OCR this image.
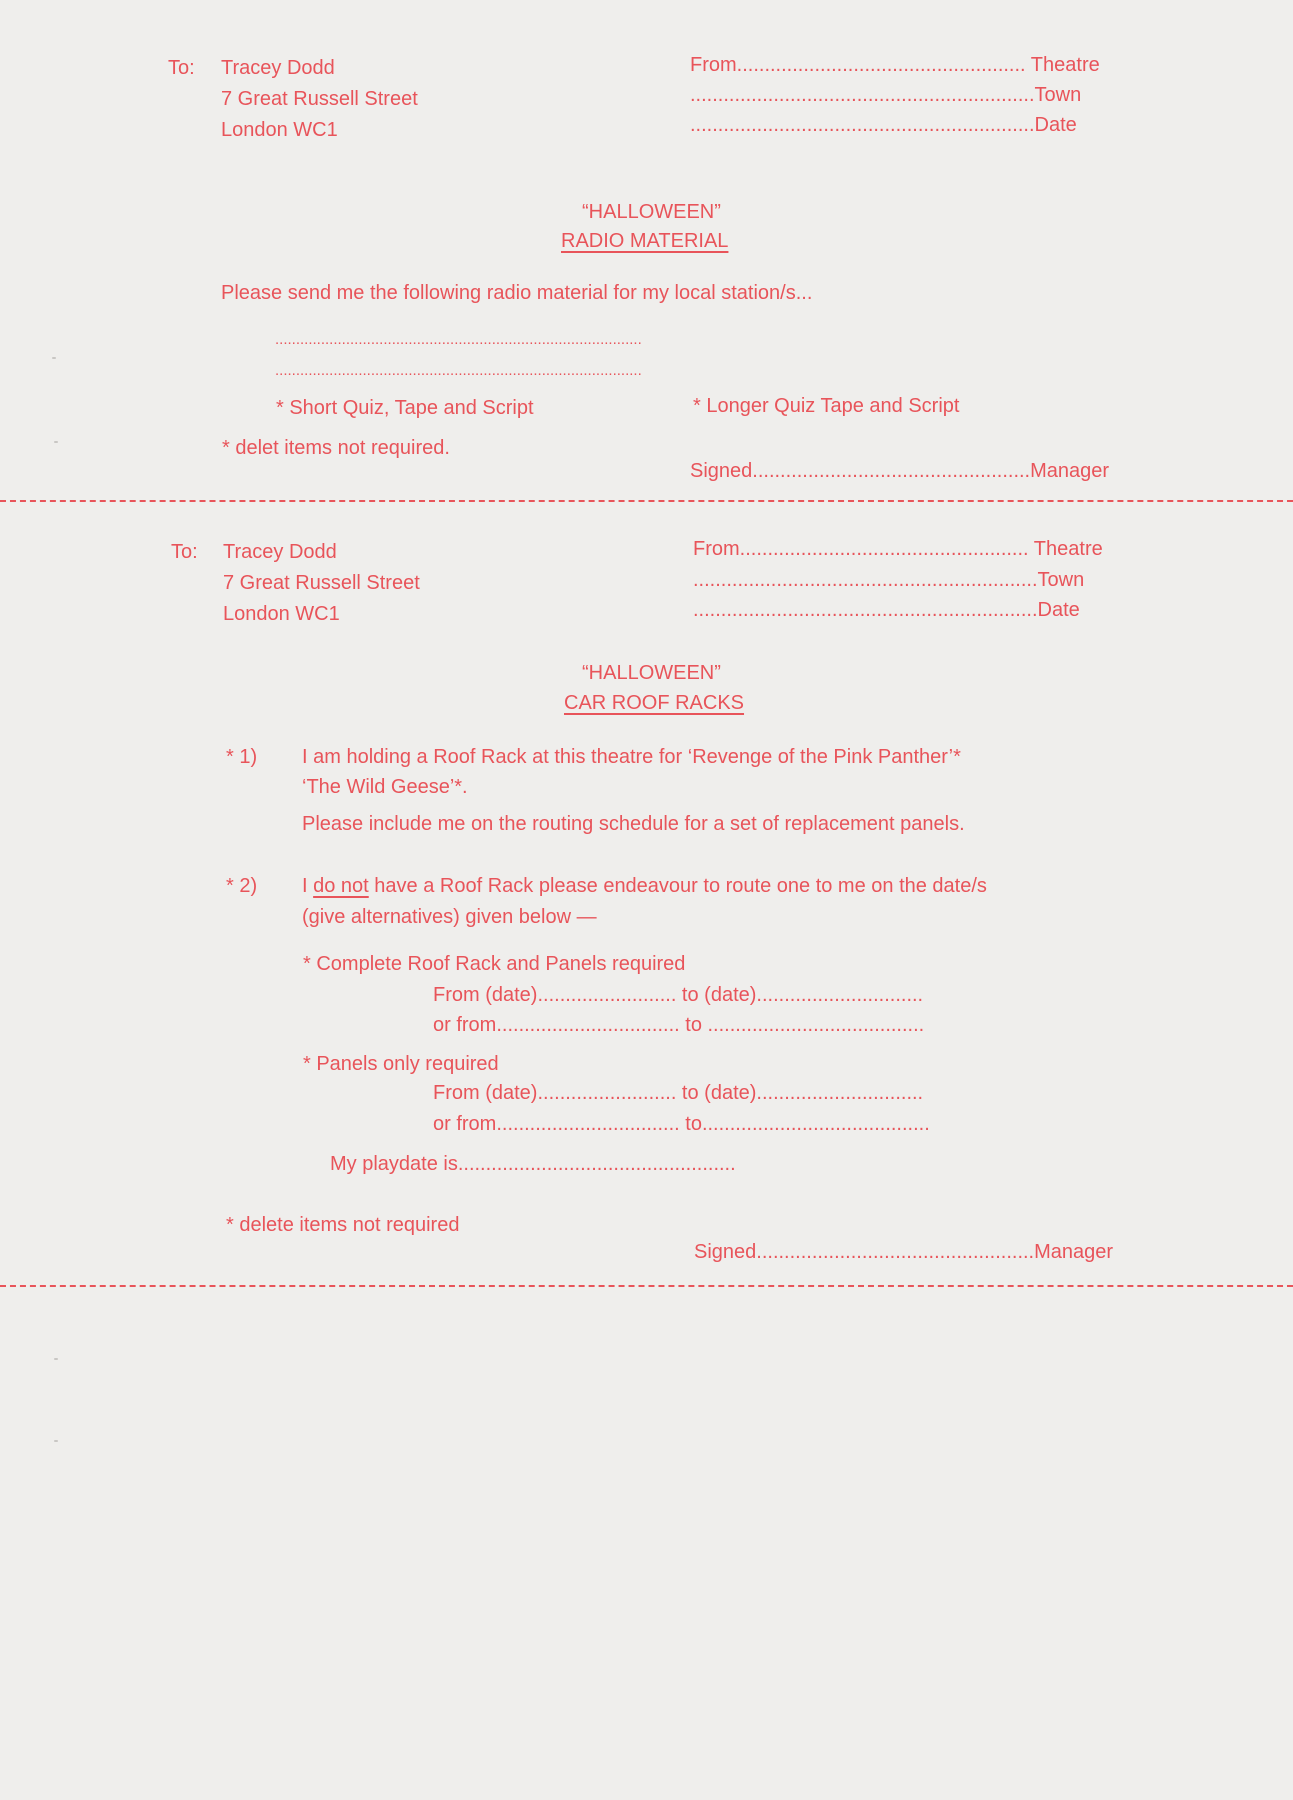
To: Tracey Dodd
7 Great Russell Street
London WC1
From.................................................... Theatre
..............................................................Town
..............................................................Date
“HALLOWEEN”
RADIO MATERIAL
Please send me the following radio material for my local station/s...
........................................................................................
........................................................................................
* Short Quiz, Tape and Script	* Longer Quiz Tape and Script
* delet items not required.
Signed..................................................Manager
To: Tracey Dodd
7 Great Russell Street
London WC1
From.................................................... Theatre
..............................................................Town
..............................................................Date
“HALLOWEEN”
CAR ROOF RACKS
* 1) I am holding a Roof Rack at this theatre for ‘Revenge of the Pink Panther’*
‘The Wild Geese’*.
Please include me on the routing schedule for a set of replacement panels.
* 2) I do not have a Roof Rack please endeavour to route one to me on the date/s
(give alternatives) given below —
* Complete Roof Rack and Panels required
From (date)......................... to (date)..............................
or from................................. to .......................................
* Panels only required
From (date)......................... to (date)..............................
or from................................. to.........................................
My playdate is..................................................
* delete items not required
Signed..................................................Manager
